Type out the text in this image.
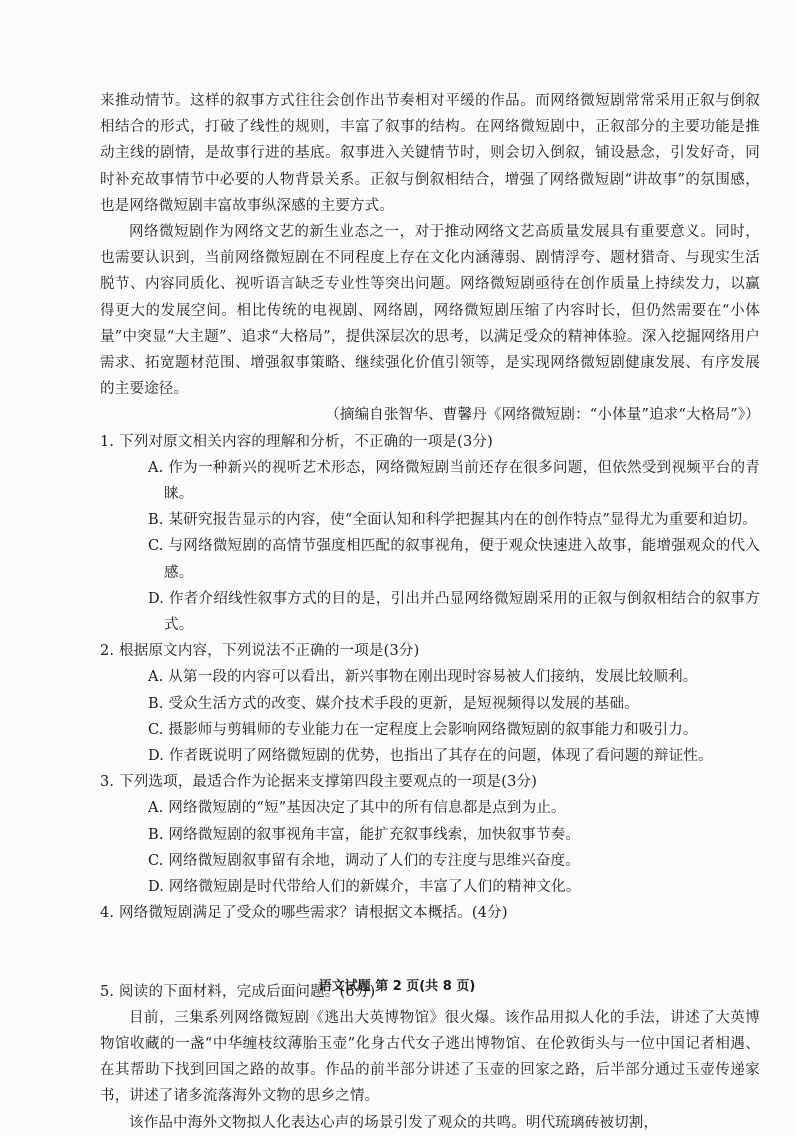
来推动情节。这样的叙事方式往往会创作出节奏相对平缓的作品。而网络微短剧常常采用正叙与倒叙相结合的形式，打破了线性的规则，丰富了叙事的结构。在网络微短剧中，正叙部分的主要功能是推动主线的剧情，是故事行进的基底。叙事进入关键情节时，则会切入倒叙，铺设悬念，引发好奇，同时补充故事情节中必要的人物背景关系。正叙与倒叙相结合，增强了网络微短剧“讲故事”的氛围感，也是网络微短剧丰富故事纵深感的主要方式。

网络微短剧作为网络文艺的新生业态之一，对于推动网络文艺高质量发展具有重要意义。同时，也需要认识到，当前网络微短剧在不同程度上存在文化内涵薄弱、剧情浮夸、题材猎奇、与现实生活脱节、内容同质化、视听语言缺乏专业性等突出问题。网络微短剧亟待在创作质量上持续发力，以赢得更大的发展空间。相比传统的电视剧、网络剧，网络微短剧压缩了内容时长，但仍然需要在“小体量”中突显“大主题”、追求“大格局”，提供深层次的思考，以满足受众的精神体验。深入挖掘网络用户需求、拓宽题材范围、增强叙事策略、继续强化价值引领等，是实现网络微短剧健康发展、有序发展的主要途径。

（摘编自张智华、曹馨丹《网络微短剧：“小体量”追求“大格局”》）

1. 下列对原文相关内容的理解和分析，不正确的一项是(3分)

A. 作为一种新兴的视听艺术形态，网络微短剧当前还存在很多问题，但依然受到视频平台的青睐。

B. 某研究报告显示的内容，使“全面认知和科学把握其内在的创作特点”显得尤为重要和迫切。

C. 与网络微短剧的高情节强度相匹配的叙事视角，便于观众快速进入故事，能增强观众的代入感。

D. 作者介绍线性叙事方式的目的是，引出并凸显网络微短剧采用的正叙与倒叙相结合的叙事方式。

2. 根据原文内容，下列说法不正确的一项是(3分)

A. 从第一段的内容可以看出，新兴事物在刚出现时容易被人们接纳，发展比较顺利。

B. 受众生活方式的改变、媒介技术手段的更新，是短视频得以发展的基础。

C. 摄影师与剪辑师的专业能力在一定程度上会影响网络微短剧的叙事能力和吸引力。

D. 作者既说明了网络微短剧的优势，也指出了其存在的问题，体现了看问题的辩证性。

3. 下列选项，最适合作为论据来支撑第四段主要观点的一项是(3分)

A. 网络微短剧的“短”基因决定了其中的所有信息都是点到为止。

B. 网络微短剧的叙事视角丰富，能扩充叙事线索，加快叙事节奏。

C. 网络微短剧叙事留有余地，调动了人们的专注度与思维兴奋度。

D. 网络微短剧是时代带给人们的新媒介，丰富了人们的精神文化。

4. 网络微短剧满足了受众的哪些需求？请根据文本概括。(4分)

5. 阅读的下面材料，完成后面问题。(6分)

目前，三集系列网络微短剧《逃出大英博物馆》很火爆。该作品用拟人化的手法，讲述了大英博物馆收藏的一盏“中华缠枝纹薄胎玉壶”化身古代女子逃出博物馆、在伦敦街头与一位中国记者相遇、在其帮助下找到回国之路的故事。作品的前半部分讲述了玉壶的回家之路，后半部分通过玉壶传递家书，讲述了诸多流落海外文物的思乡之情。

该作品中海外文物拟人化表达心声的场景引发了观众的共鸣。明代琉璃砖被切割，

语文试题 第 2 页(共 8 页)
